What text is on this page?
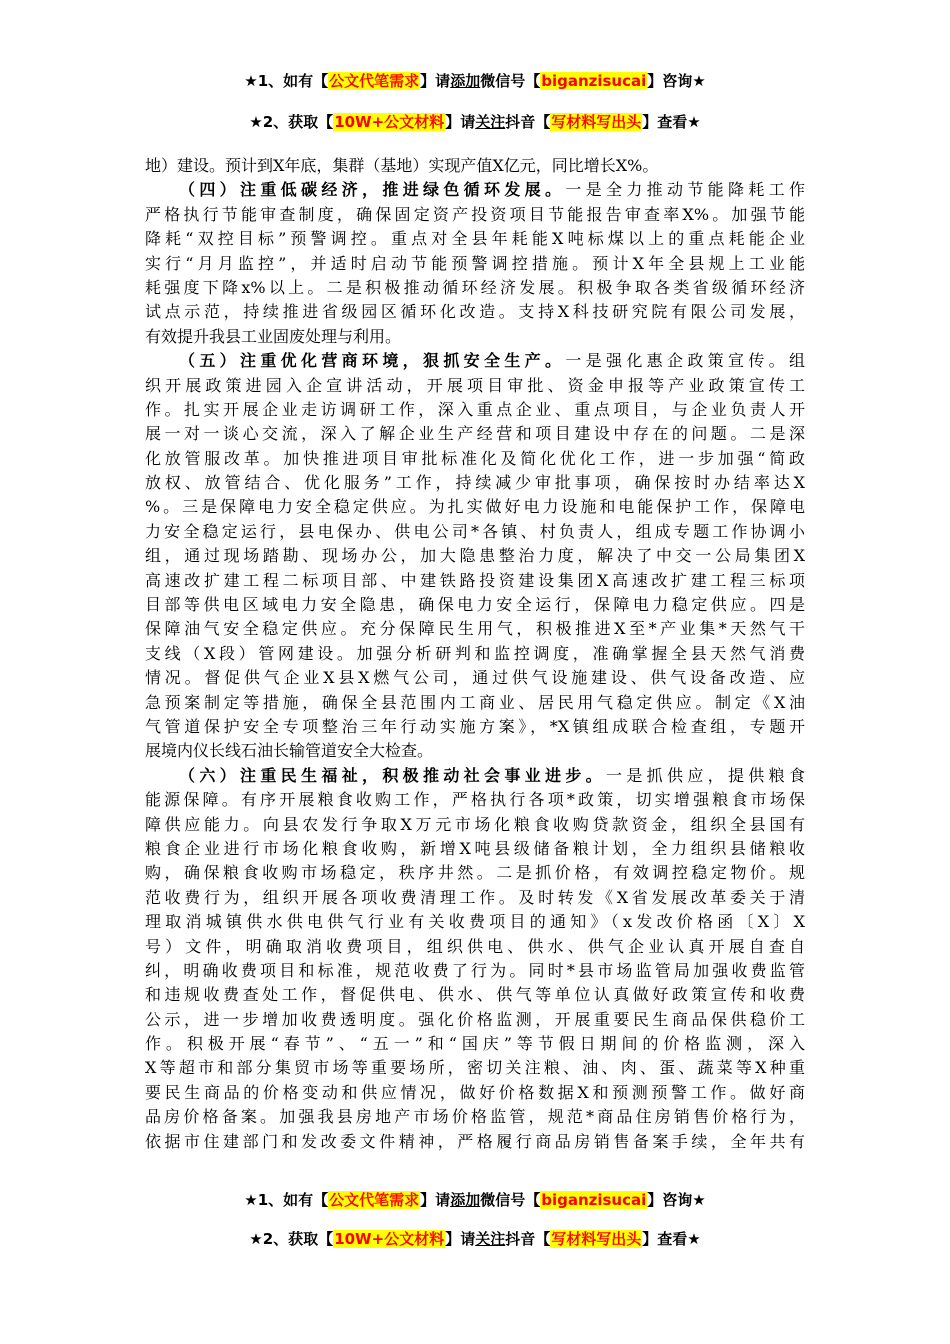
★1、如有【公文代笔需求】请添加微信号【biganzisucai】咨询★
★2、获取【10W+公文材料】请关注抖音【写材料写出头】查看★
地）建设。预计到X年底，集群（基地）实现产值X亿元，同比增长X%。
（四）注重低碳经济，推进绿色循环发展。一是全力推动节能降耗工作
严格执行节能审查制度，确保固定资产投资项目节能报告审查率X%。加强节能
降耗“双控目标”预警调控。重点对全县年耗能X吨标煤以上的重点耗能企业
实行“月月监控”，并适时启动节能预警调控措施。预计X年全县规上工业能
耗强度下降x%以上。二是积极推动循环经济发展。积极争取各类省级循环经济
试点示范，持续推进省级园区循环化改造。支持X科技研究院有限公司发展，
有效提升我县工业固废处理与利用。
（五）注重优化营商环境，狠抓安全生产。一是强化惠企政策宣传。组
织开展政策进园入企宣讲活动，开展项目审批、资金申报等产业政策宣传工
作。扎实开展企业走访调研工作，深入重点企业、重点项目，与企业负责人开
展一对一谈心交流，深入了解企业生产经营和项目建设中存在的问题。二是深
化放管服改革。加快推进项目审批标准化及简化优化工作，进一步加强“简政
放权、放管结合、优化服务”工作，持续减少审批事项，确保按时办结率达X
%。三是保障电力安全稳定供应。为扎实做好电力设施和电能保护工作，保障电
力安全稳定运行，县电保办、供电公司*各镇、村负责人，组成专题工作协调小
组，通过现场踏勘、现场办公，加大隐患整治力度，解决了中交一公局集团X
高速改扩建工程二标项目部、中建铁路投资建设集团X高速改扩建工程三标项
目部等供电区域电力安全隐患，确保电力安全运行，保障电力稳定供应。四是
保障油气安全稳定供应。充分保障民生用气，积极推进X至*产业集*天然气干
支线（X段）管网建设。加强分析研判和监控调度，准确掌握全县天然气消费
情况。督促供气企业X县X燃气公司，通过供气设施建设、供气设备改造、应
急预案制定等措施，确保全县范围内工商业、居民用气稳定供应。制定《X油
气管道保护安全专项整治三年行动实施方案》，*X镇组成联合检查组，专题开
展境内仪长线石油长输管道安全大检查。
（六）注重民生福祉，积极推动社会事业进步。一是抓供应，提供粮食
能源保障。有序开展粮食收购工作，严格执行各项*政策，切实增强粮食市场保
障供应能力。向县农发行争取X万元市场化粮食收购贷款资金，组织全县国有
粮食企业进行市场化粮食收购，新增X吨县级储备粮计划，全力组织县储粮收
购，确保粮食收购市场稳定，秩序井然。二是抓价格，有效调控稳定物价。规
范收费行为，组织开展各项收费清理工作。及时转发《X省发展改革委关于清
理取消城镇供水供电供气行业有关收费项目的通知》（x发改价格函〔X〕X
号）文件，明确取消收费项目，组织供电、供水、供气企业认真开展自查自
纠，明确收费项目和标准，规范收费了行为。同时*县市场监管局加强收费监管
和违规收费查处工作，督促供电、供水、供气等单位认真做好政策宣传和收费
公示，进一步增加收费透明度。强化价格监测，开展重要民生商品保供稳价工
作。积极开展“春节”、“五一”和“国庆”等节假日期间的价格监测，深入
X等超市和部分集贸市场等重要场所，密切关注粮、油、肉、蛋、蔬菜等X种重
要民生商品的价格变动和供应情况，做好价格数据X和预测预警工作。做好商
品房价格备案。加强我县房地产市场价格监管，规范*商品住房销售价格行为，
依据市住建部门和发改委文件精神，严格履行商品房销售备案手续，全年共有
★1、如有【公文代笔需求】请添加微信号【biganzisucai】咨询★
★2、获取【10W+公文材料】请关注抖音【写材料写出头】查看★
